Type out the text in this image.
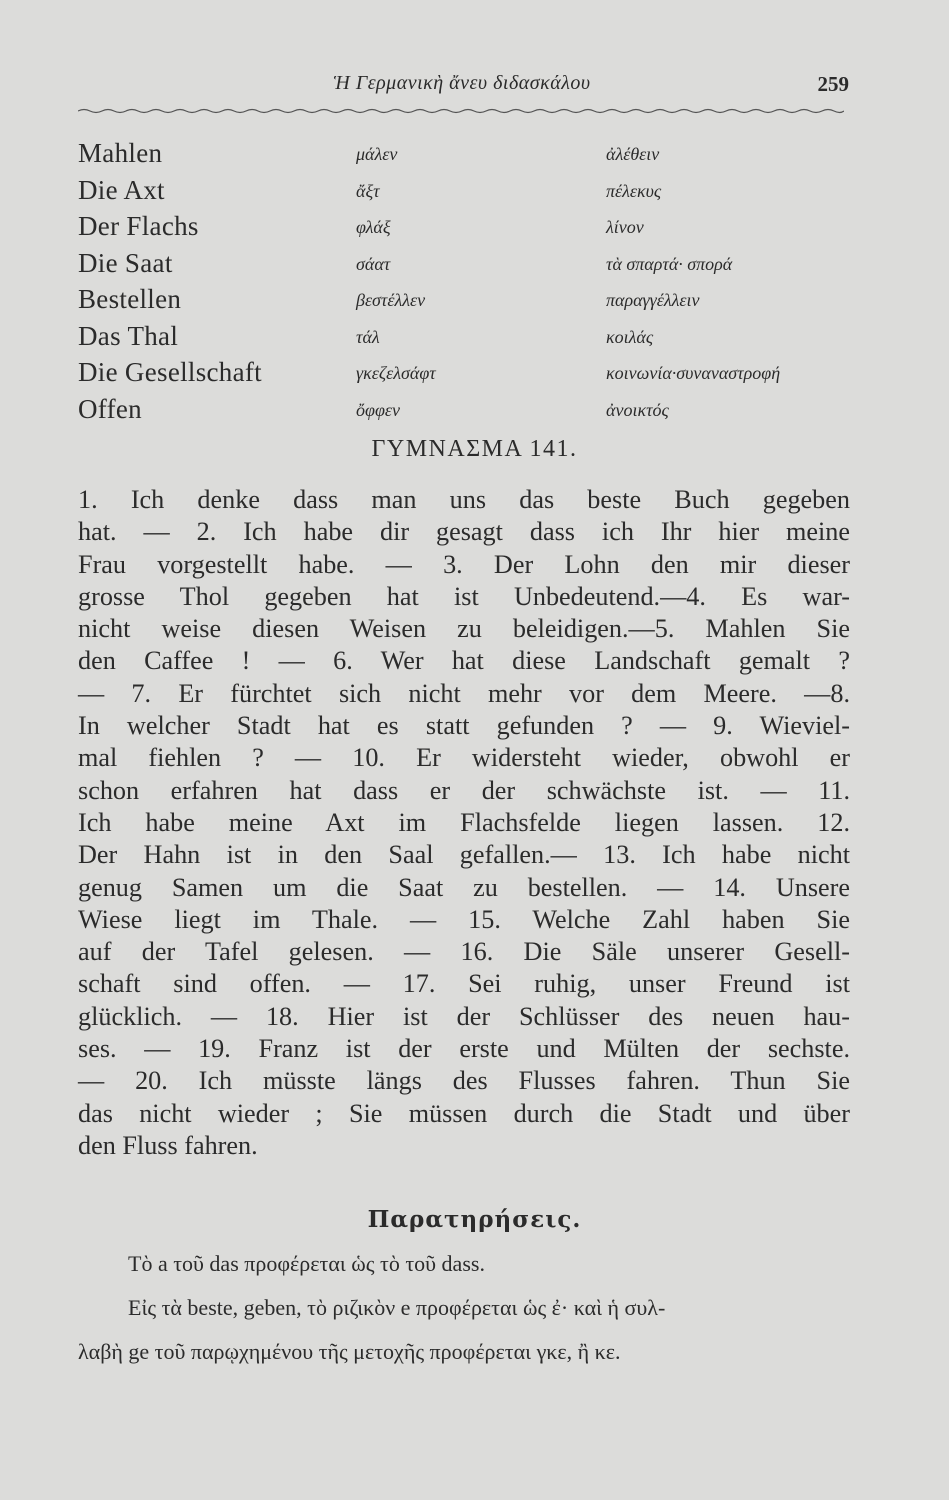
Ἡ Γερμανικὴ ἄνευ διδασκάλου	259
Mahlen	μάλεν	ἀλέθειν
Die Axt	ἄξτ	πέλεκυς
Der Flachs	φλάξ	λίνον
Die Saat	σάατ	τὰ σπαρτά· σπορά
Bestellen	βεστέλλεν	παραγγέλλειν
Das Thal	τάλ	κοιλάς
Die Gesellschaft	γκεζελσάφτ	κοινωνία·συναναστροφή
Offen	ὄφφεν	ἀνοικτός
ΓΥΜΝΑΣΜΑ 141.
1. Ich denke dass man uns das beste Buch gegeben
hat. — 2. Ich habe dir gesagt dass ich Ihr hier meine
Frau vorgestellt habe. — 3. Der Lohn den mir dieser
grosse Thol gegeben hat ist Unbedeutend.—4. Es war-
nicht weise diesen Weisen zu beleidigen.—5. Mahlen Sie
den Caffee ! — 6. Wer hat diese Landschaft gemalt ?
— 7. Er fürchtet sich nicht mehr vor dem Meere. —8.
In welcher Stadt hat es statt gefunden ? — 9. Wieviel-
mal fiehlen ? — 10. Er widersteht wieder, obwohl er
schon erfahren hat dass er der schwächste ist. — 11.
Ich habe meine Axt im Flachsfelde liegen lassen. 12.
Der Hahn ist in den Saal gefallen.— 13. Ich habe nicht
genug Samen um die Saat zu bestellen. — 14. Unsere
Wiese liegt im Thale. — 15. Welche Zahl haben Sie
auf der Tafel gelesen. — 16. Die Säle unserer Gesell-
schaft sind offen. — 17. Sei ruhig, unser Freund ist
glücklich. — 18. Hier ist der Schlüsser des neuen hau-
ses. — 19. Franz ist der erste und Mülten der sechste.
— 20. Ich müsste längs des Flusses fahren. Thun Sie
das nicht wieder ; Sie müssen durch die Stadt und über
den Fluss fahren.
Παρατηρήσεις.
Τὸ a τοῦ das προφέρεται ὡς τὸ τοῦ dass.
Εἰς τὰ beste, geben, τὸ ριζικὸν e προφέρεται ὡς ἐ· καὶ ἡ συλ-
λαβὴ ge τοῦ παρῳχημένου τῆς μετοχῆς προφέρεται γκε, ἢ κε.
